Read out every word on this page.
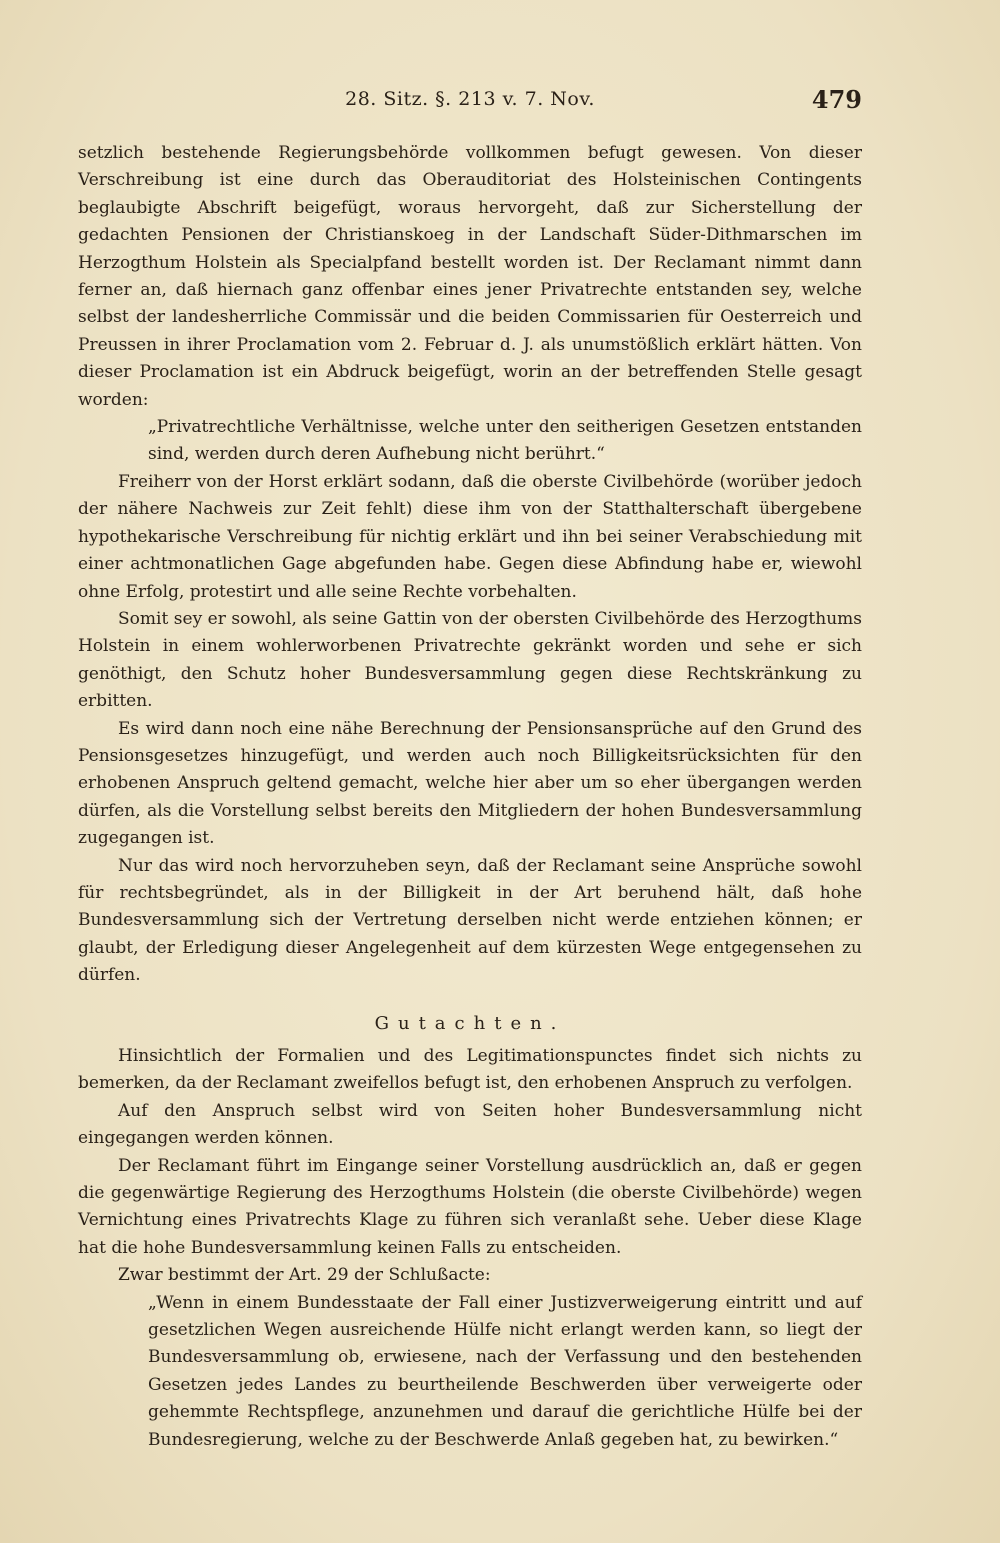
28. Sitz. §. 213 v. 7. Nov.	479

setzlich bestehende Regierungsbehörde vollkommen befugt gewesen. Von dieser Verschreibung ist eine durch das Oberauditoriat des Holsteinischen Contingents beglaubigte Abschrift beigefügt, woraus hervorgeht, daß zur Sicherstellung der gedachten Pensionen der Christianskoeg in der Landschaft Süder-Dithmarschen im Herzogthum Holstein als Specialpfand bestellt worden ist. Der Reclamant nimmt dann ferner an, daß hiernach ganz offenbar eines jener Privatrechte entstanden sey, welche selbst der landesherrliche Commissär und die beiden Commissarien für Oesterreich und Preussen in ihrer Proclamation vom 2. Februar d. J. als unumstößlich erklärt hätten. Von dieser Proclamation ist ein Abdruck beigefügt, worin an der betreffenden Stelle gesagt worden:

„Privatrechtliche Verhältnisse, welche unter den seitherigen Gesetzen entstanden sind, werden durch deren Aufhebung nicht berührt.“

Freiherr von der Horst erklärt sodann, daß die oberste Civilbehörde (worüber jedoch der nähere Nachweis zur Zeit fehlt) diese ihm von der Statthalterschaft übergebene hypothekarische Verschreibung für nichtig erklärt und ihn bei seiner Verabschiedung mit einer achtmonatlichen Gage abgefunden habe. Gegen diese Abfindung habe er, wiewohl ohne Erfolg, protestirt und alle seine Rechte vorbehalten.

Somit sey er sowohl, als seine Gattin von der obersten Civilbehörde des Herzogthums Holstein in einem wohlerworbenen Privatrechte gekränkt worden und sehe er sich genöthigt, den Schutz hoher Bundesversammlung gegen diese Rechtskränkung zu erbitten.

Es wird dann noch eine nähe Berechnung der Pensionsansprüche auf den Grund des Pensionsgesetzes hinzugefügt, und werden auch noch Billigkeitsrücksichten für den erhobenen Anspruch geltend gemacht, welche hier aber um so eher übergangen werden dürfen, als die Vorstellung selbst bereits den Mitgliedern der hohen Bundesversammlung zugegangen ist.

Nur das wird noch hervorzuheben seyn, daß der Reclamant seine Ansprüche sowohl für rechtsbegründet, als in der Billigkeit in der Art beruhend hält, daß hohe Bundesversammlung sich der Vertretung derselben nicht werde entziehen können; er glaubt, der Erledigung dieser Angelegenheit auf dem kürzesten Wege entgegensehen zu dürfen.

Gutachten.

Hinsichtlich der Formalien und des Legitimationspunctes findet sich nichts zu bemerken, da der Reclamant zweifellos befugt ist, den erhobenen Anspruch zu verfolgen.

Auf den Anspruch selbst wird von Seiten hoher Bundesversammlung nicht eingegangen werden können.

Der Reclamant führt im Eingange seiner Vorstellung ausdrücklich an, daß er gegen die gegenwärtige Regierung des Herzogthums Holstein (die oberste Civilbehörde) wegen Vernichtung eines Privatrechts Klage zu führen sich veranlaßt sehe. Ueber diese Klage hat die hohe Bundesversammlung keinen Falls zu entscheiden.

Zwar bestimmt der Art. 29 der Schlußacte:

„Wenn in einem Bundesstaate der Fall einer Justizverweigerung eintritt und auf gesetzlichen Wegen ausreichende Hülfe nicht erlangt werden kann, so liegt der Bundesversammlung ob, erwiesene, nach der Verfassung und den bestehenden Gesetzen jedes Landes zu beurtheilende Beschwerden über verweigerte oder gehemmte Rechtspflege, anzunehmen und darauf die gerichtliche Hülfe bei der Bundesregierung, welche zu der Beschwerde Anlaß gegeben hat, zu bewirken.“
